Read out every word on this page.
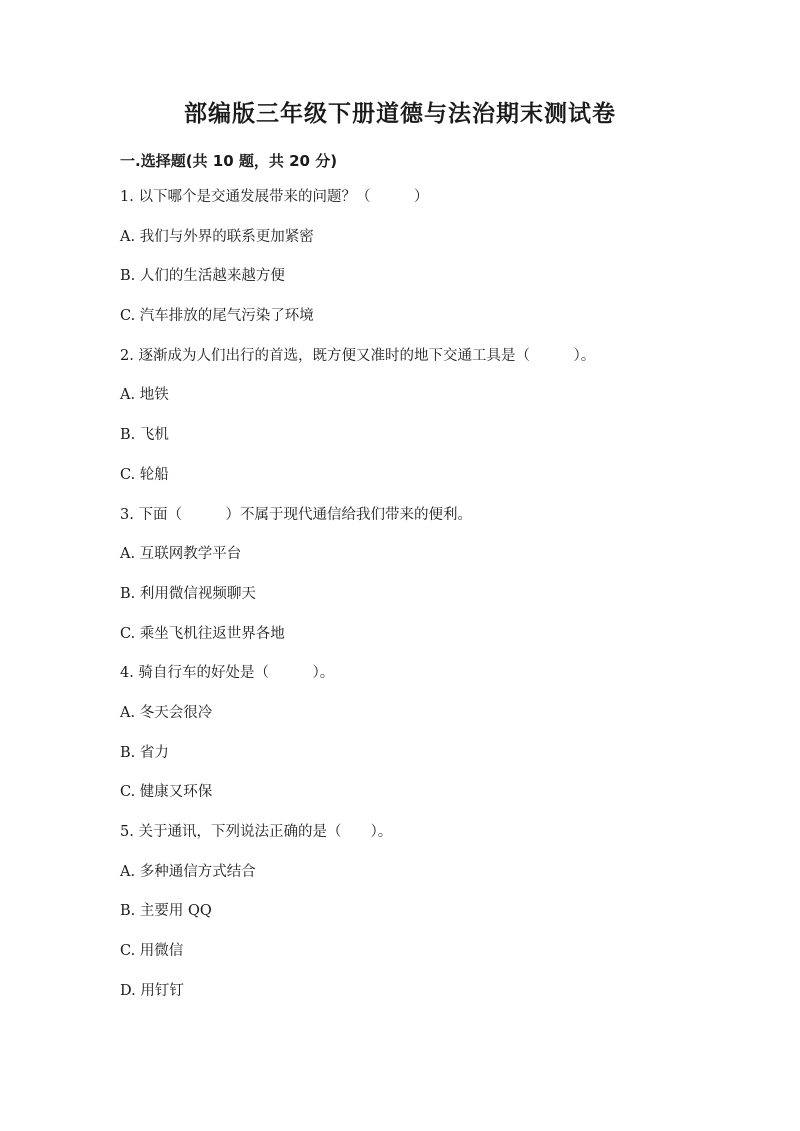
部编版三年级下册道德与法治期末测试卷
一.选择题(共 10 题，共 20 分)
1. 以下哪个是交通发展带来的问题？（　　　）
A. 我们与外界的联系更加紧密
B. 人们的生活越来越方便
C. 汽车排放的尾气污染了环境
2. 逐渐成为人们出行的首选，既方便又准时的地下交通工具是（　　　）。
A. 地铁
B. 飞机
C. 轮船
3. 下面（　　　）不属于现代通信给我们带来的便利。
A. 互联网教学平台
B. 利用微信视频聊天
C. 乘坐飞机往返世界各地
4. 骑自行车的好处是（　　　）。
A. 冬天会很冷
B. 省力
C. 健康又环保
5. 关于通讯，下列说法正确的是（　　）。
A. 多种通信方式结合
B. 主要用 QQ
C. 用微信
D. 用钉钉
